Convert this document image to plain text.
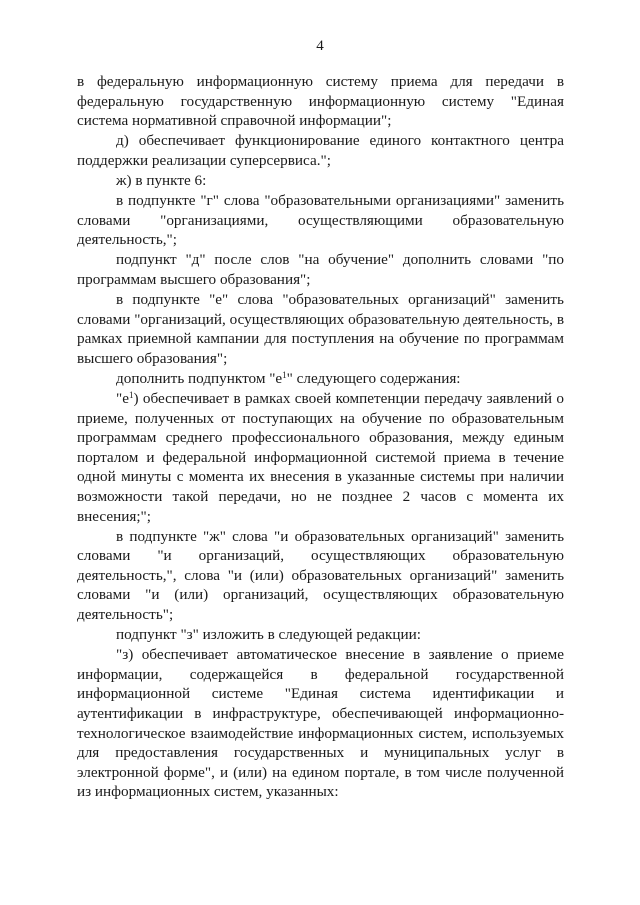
4

в федеральную информационную систему приема для передачи в федеральную государственную информационную систему "Единая система нормативной справочной информации";

д) обеспечивает функционирование единого контактного центра поддержки реализации суперсервиса.";

ж) в пункте 6:

в подпункте "г" слова "образовательными организациями" заменить словами "организациями, осуществляющими образовательную деятельность,";

подпункт "д" после слов "на обучение" дополнить словами "по программам высшего образования";

в подпункте "е" слова "образовательных организаций" заменить словами "организаций, осуществляющих образовательную деятельность, в рамках приемной кампании для поступления на обучение по программам высшего образования";

дополнить подпунктом "$е^1$" следующего содержания:

"$е^1$) обеспечивает в рамках своей компетенции передачу заявлений о приеме, полученных от поступающих на обучение по образовательным программам среднего профессионального образования, между единым порталом и федеральной информационной системой приема в течение одной минуты с момента их внесения в указанные системы при наличии возможности такой передачи, но не позднее 2 часов с момента их внесения;";

в подпункте "ж" слова "и образовательных организаций" заменить словами "и организаций, осуществляющих образовательную деятельность,", слова "и (или) образовательных организаций" заменить словами "и (или) организаций, осуществляющих образовательную деятельность";

подпункт "з" изложить в следующей редакции:

"з) обеспечивает автоматическое внесение в заявление о приеме информации, содержащейся в федеральной государственной информационной системе "Единая система идентификации и аутентификации в инфраструктуре, обеспечивающей информационно-технологическое взаимодействие информационных систем, используемых для предоставления государственных и муниципальных услуг в электронной форме", и (или) на едином портале, в том числе полученной из информационных систем, указанных:
